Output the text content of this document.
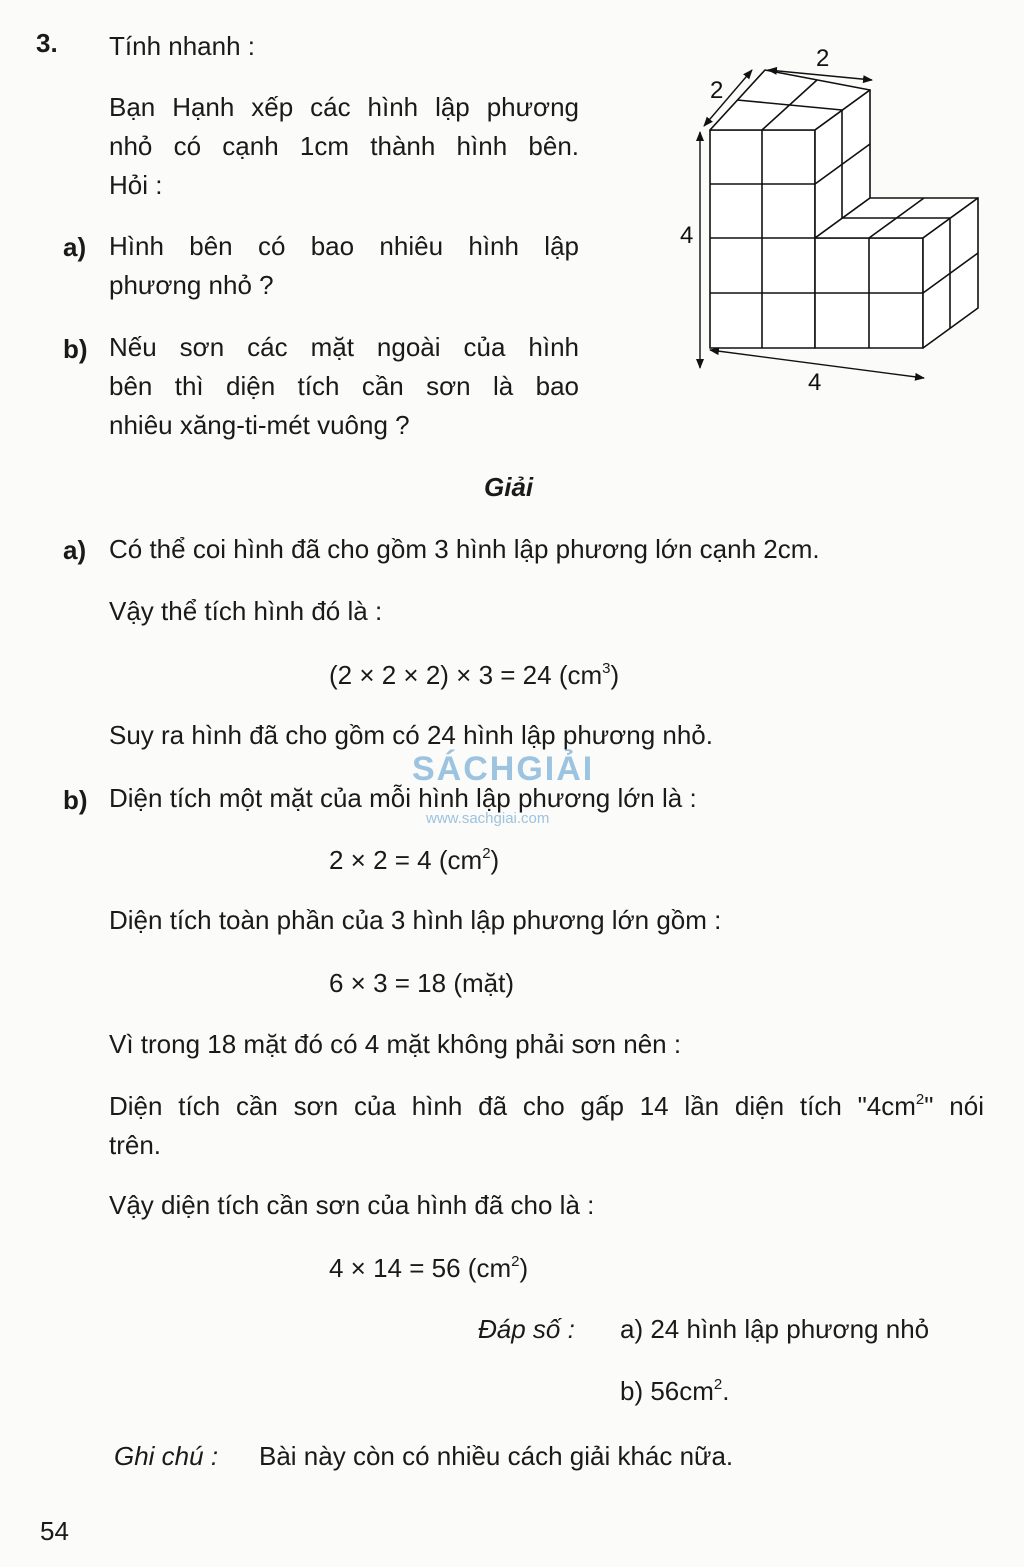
3. Tính nhanh :
Bạn Hạnh xếp các hình lập phương
nhỏ có cạnh 1cm thành hình bên.
Hỏi :
a) Hình bên có bao nhiêu hình lập
phương nhỏ ?
b) Nếu sơn các mặt ngoài của hình
bên thì diện tích cần sơn là bao
nhiêu xăng-ti-mét vuông ?
2
2
4
4
Giải
a) Có thể coi hình đã cho gồm 3 hình lập phương lớn cạnh 2cm.
Vậy thể tích hình đó là :
(2 × 2 × 2) × 3 = 24 $(cm^3)$
Suy ra hình đã cho gồm có 24 hình lập phương nhỏ.
SÁCHGIẢI
www.sachgiai.com
b) Diện tích một mặt của mỗi hình lập phương lớn là :
2 × 2 = 4 $(cm^2)$
Diện tích toàn phần của 3 hình lập phương lớn gồm :
6 × 3 = 18 (mặt)
Vì trong 18 mặt đó có 4 mặt không phải sơn nên :
Diện tích cần sơn của hình đã cho gấp 14 lần diện tích "$4cm^2$" nói
trên.
Vậy diện tích cần sơn của hình đã cho là :
4 × 14 = 56 $(cm^2)$
Đáp số : a) 24 hình lập phương nhỏ
b) $56cm^2$.
Ghi chú : Bài này còn có nhiều cách giải khác nữa.
54
